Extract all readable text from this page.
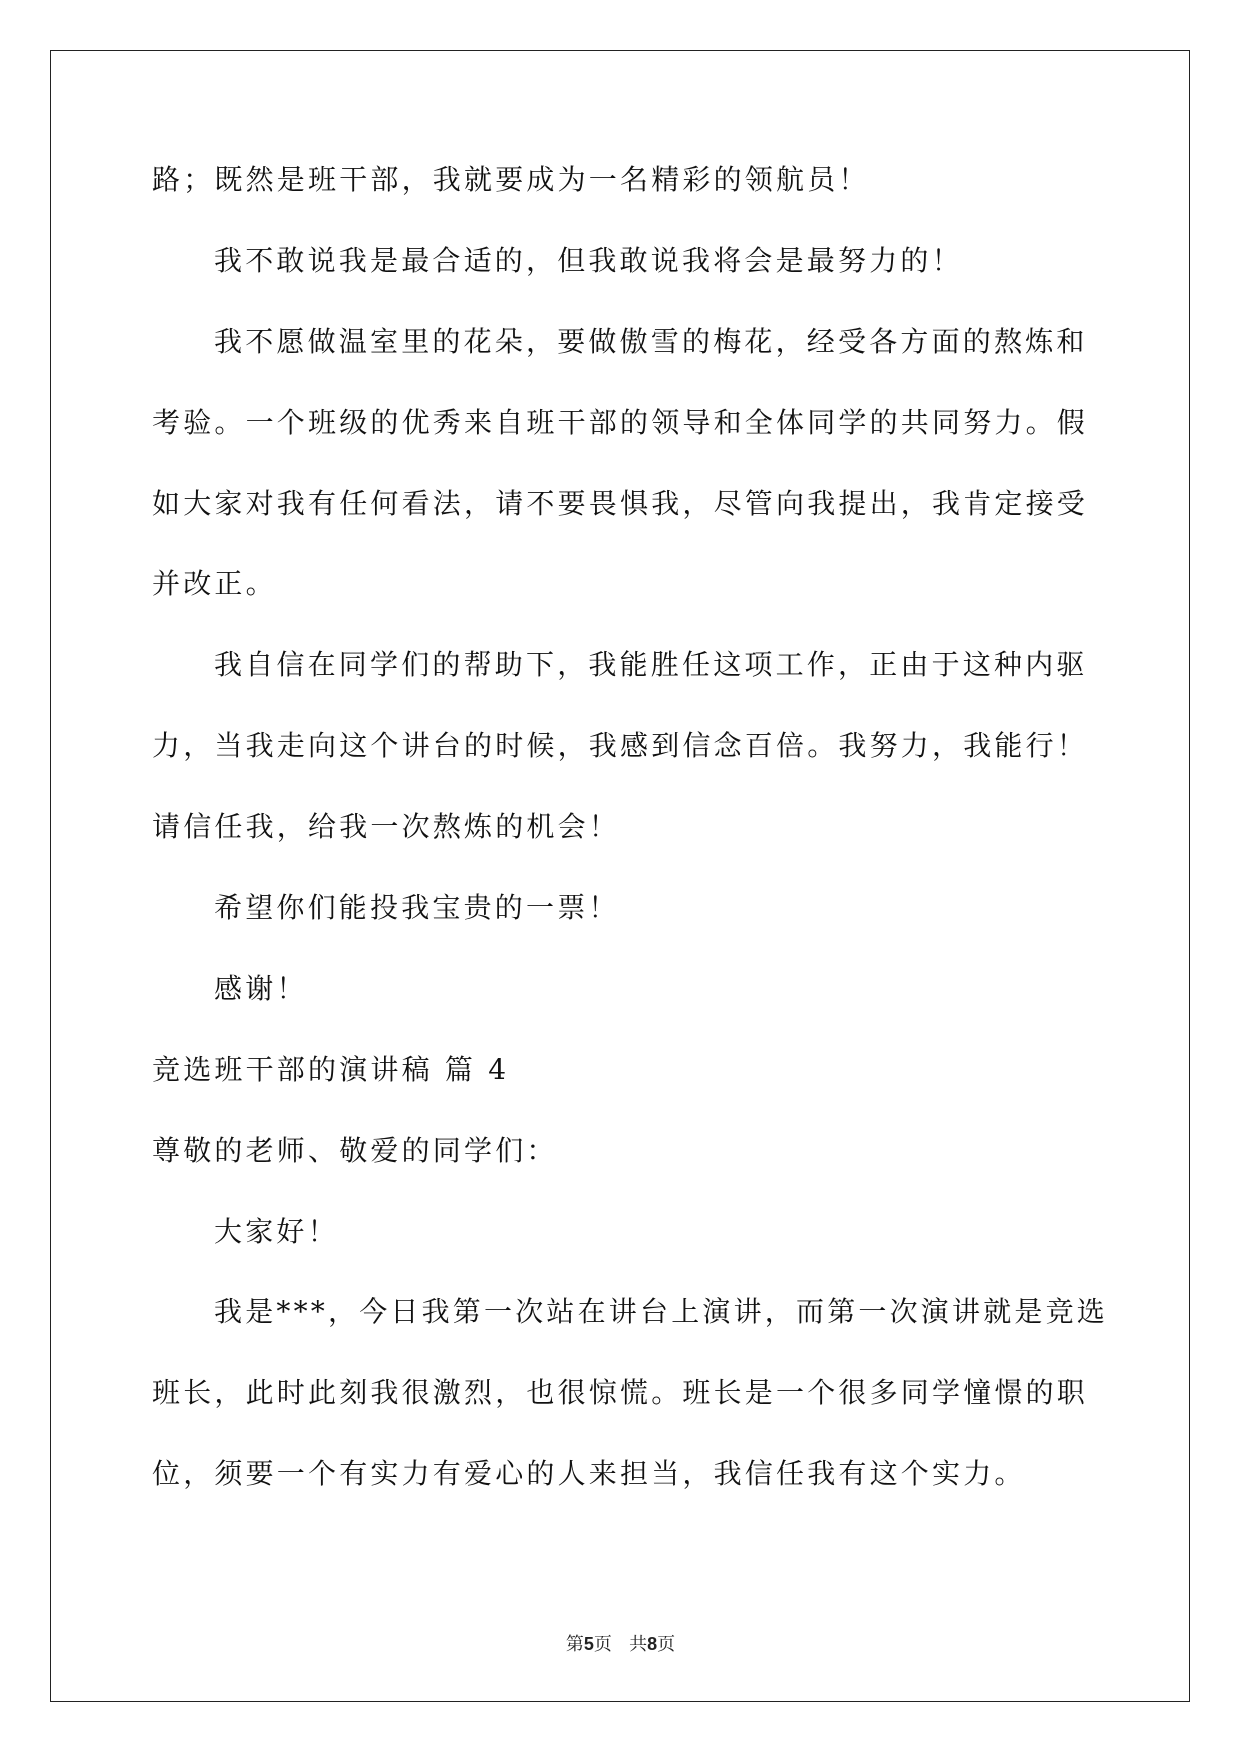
路；既然是班干部，我就要成为一名精彩的领航员！

我不敢说我是最合适的，但我敢说我将会是最努力的！

我不愿做温室里的花朵，要做傲雪的梅花，经受各方面的熬炼和

考验。一个班级的优秀来自班干部的领导和全体同学的共同努力。假

如大家对我有任何看法，请不要畏惧我，尽管向我提出，我肯定接受

并改正。

我自信在同学们的帮助下，我能胜任这项工作，正由于这种内驱

力，当我走向这个讲台的时候，我感到信念百倍。我努力，我能行！

请信任我，给我一次熬炼的机会！

希望你们能投我宝贵的一票！

感谢！

竞选班干部的演讲稿 篇 4

尊敬的老师、敬爱的同学们：

大家好！

我是***，今日我第一次站在讲台上演讲，而第一次演讲就是竞选

班长，此时此刻我很激烈，也很惊慌。班长是一个很多同学憧憬的职

位，须要一个有实力有爱心的人来担当，我信任我有这个实力。

第5页 共8页
